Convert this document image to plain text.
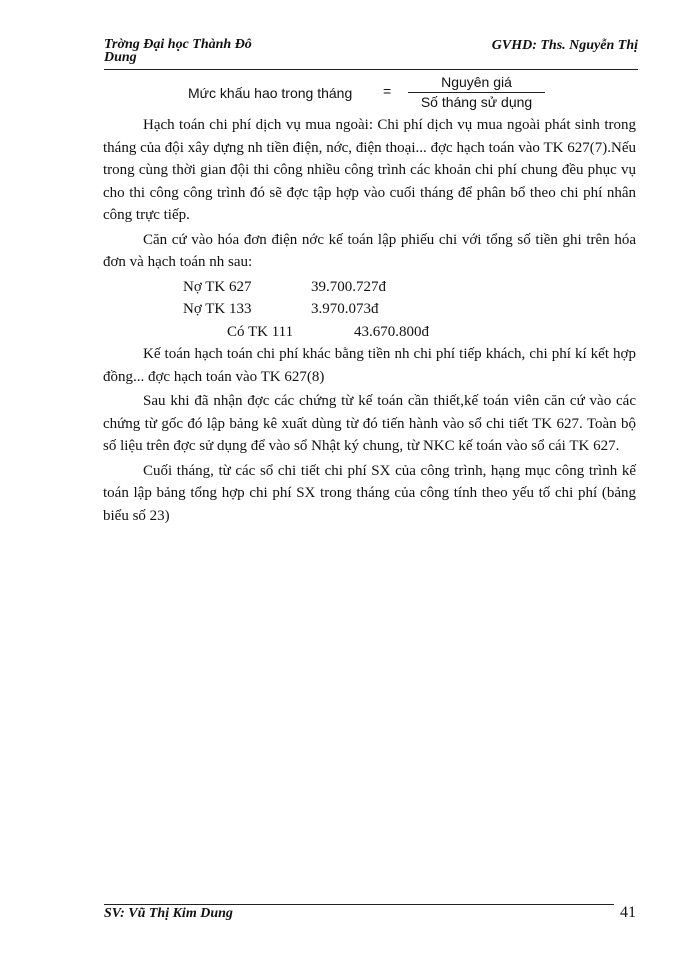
Trờng Đại học Thành Đô
Dung
GVHD: Ths. Nguyễn Thị
Mức khấu hao trong tháng =
Nguyên giá
Số tháng sử dụng

Hạch toán chi phí dịch vụ mua ngoài: Chi phí dịch vụ mua ngoài phát sinh trong tháng của đội xây dựng nh tiền điện, nớc, điện thoại... đợc hạch toán vào TK 627(7).Nếu trong cùng thời gian đội thi công nhiều công trình các khoản chi phí chung đều phục vụ cho thi công công trình đó sẽ đợc tập hợp vào cuối tháng để phân bổ theo chi phí nhân công trực tiếp.

Căn cứ vào hóa đơn điện nớc kế toán lập phiếu chi với tổng số tiền ghi trên hóa đơn và hạch toán nh sau:

Nợ TK 627	39.700.727đ
Nợ TK 133	3.970.073đ
Có TK 111	43.670.800đ

Kế toán hạch toán chi phí khác bằng tiền nh chi phí tiếp khách, chi phí kí kết hợp đồng... đợc hạch toán vào TK 627(8)

Sau khi đã nhận đợc các chứng từ kế toán cần thiết,kế toán viên căn cứ vào các chứng từ gốc đó lập bảng kê xuất dùng từ đó tiến hành vào sổ chi tiết TK 627. Toàn bộ số liệu trên đợc sử dụng để vào sổ Nhật ký chung, từ NKC kế toán vào sổ cái TK 627.

Cuối tháng, từ các sổ chi tiết chi phí SX của công trình, hạng mục công trình kế toán lập bảng tổng hợp chi phí SX trong tháng của công tính theo yếu tố chi phí (bảng biểu số 23)

SV: Vũ Thị Kim Dung	41
